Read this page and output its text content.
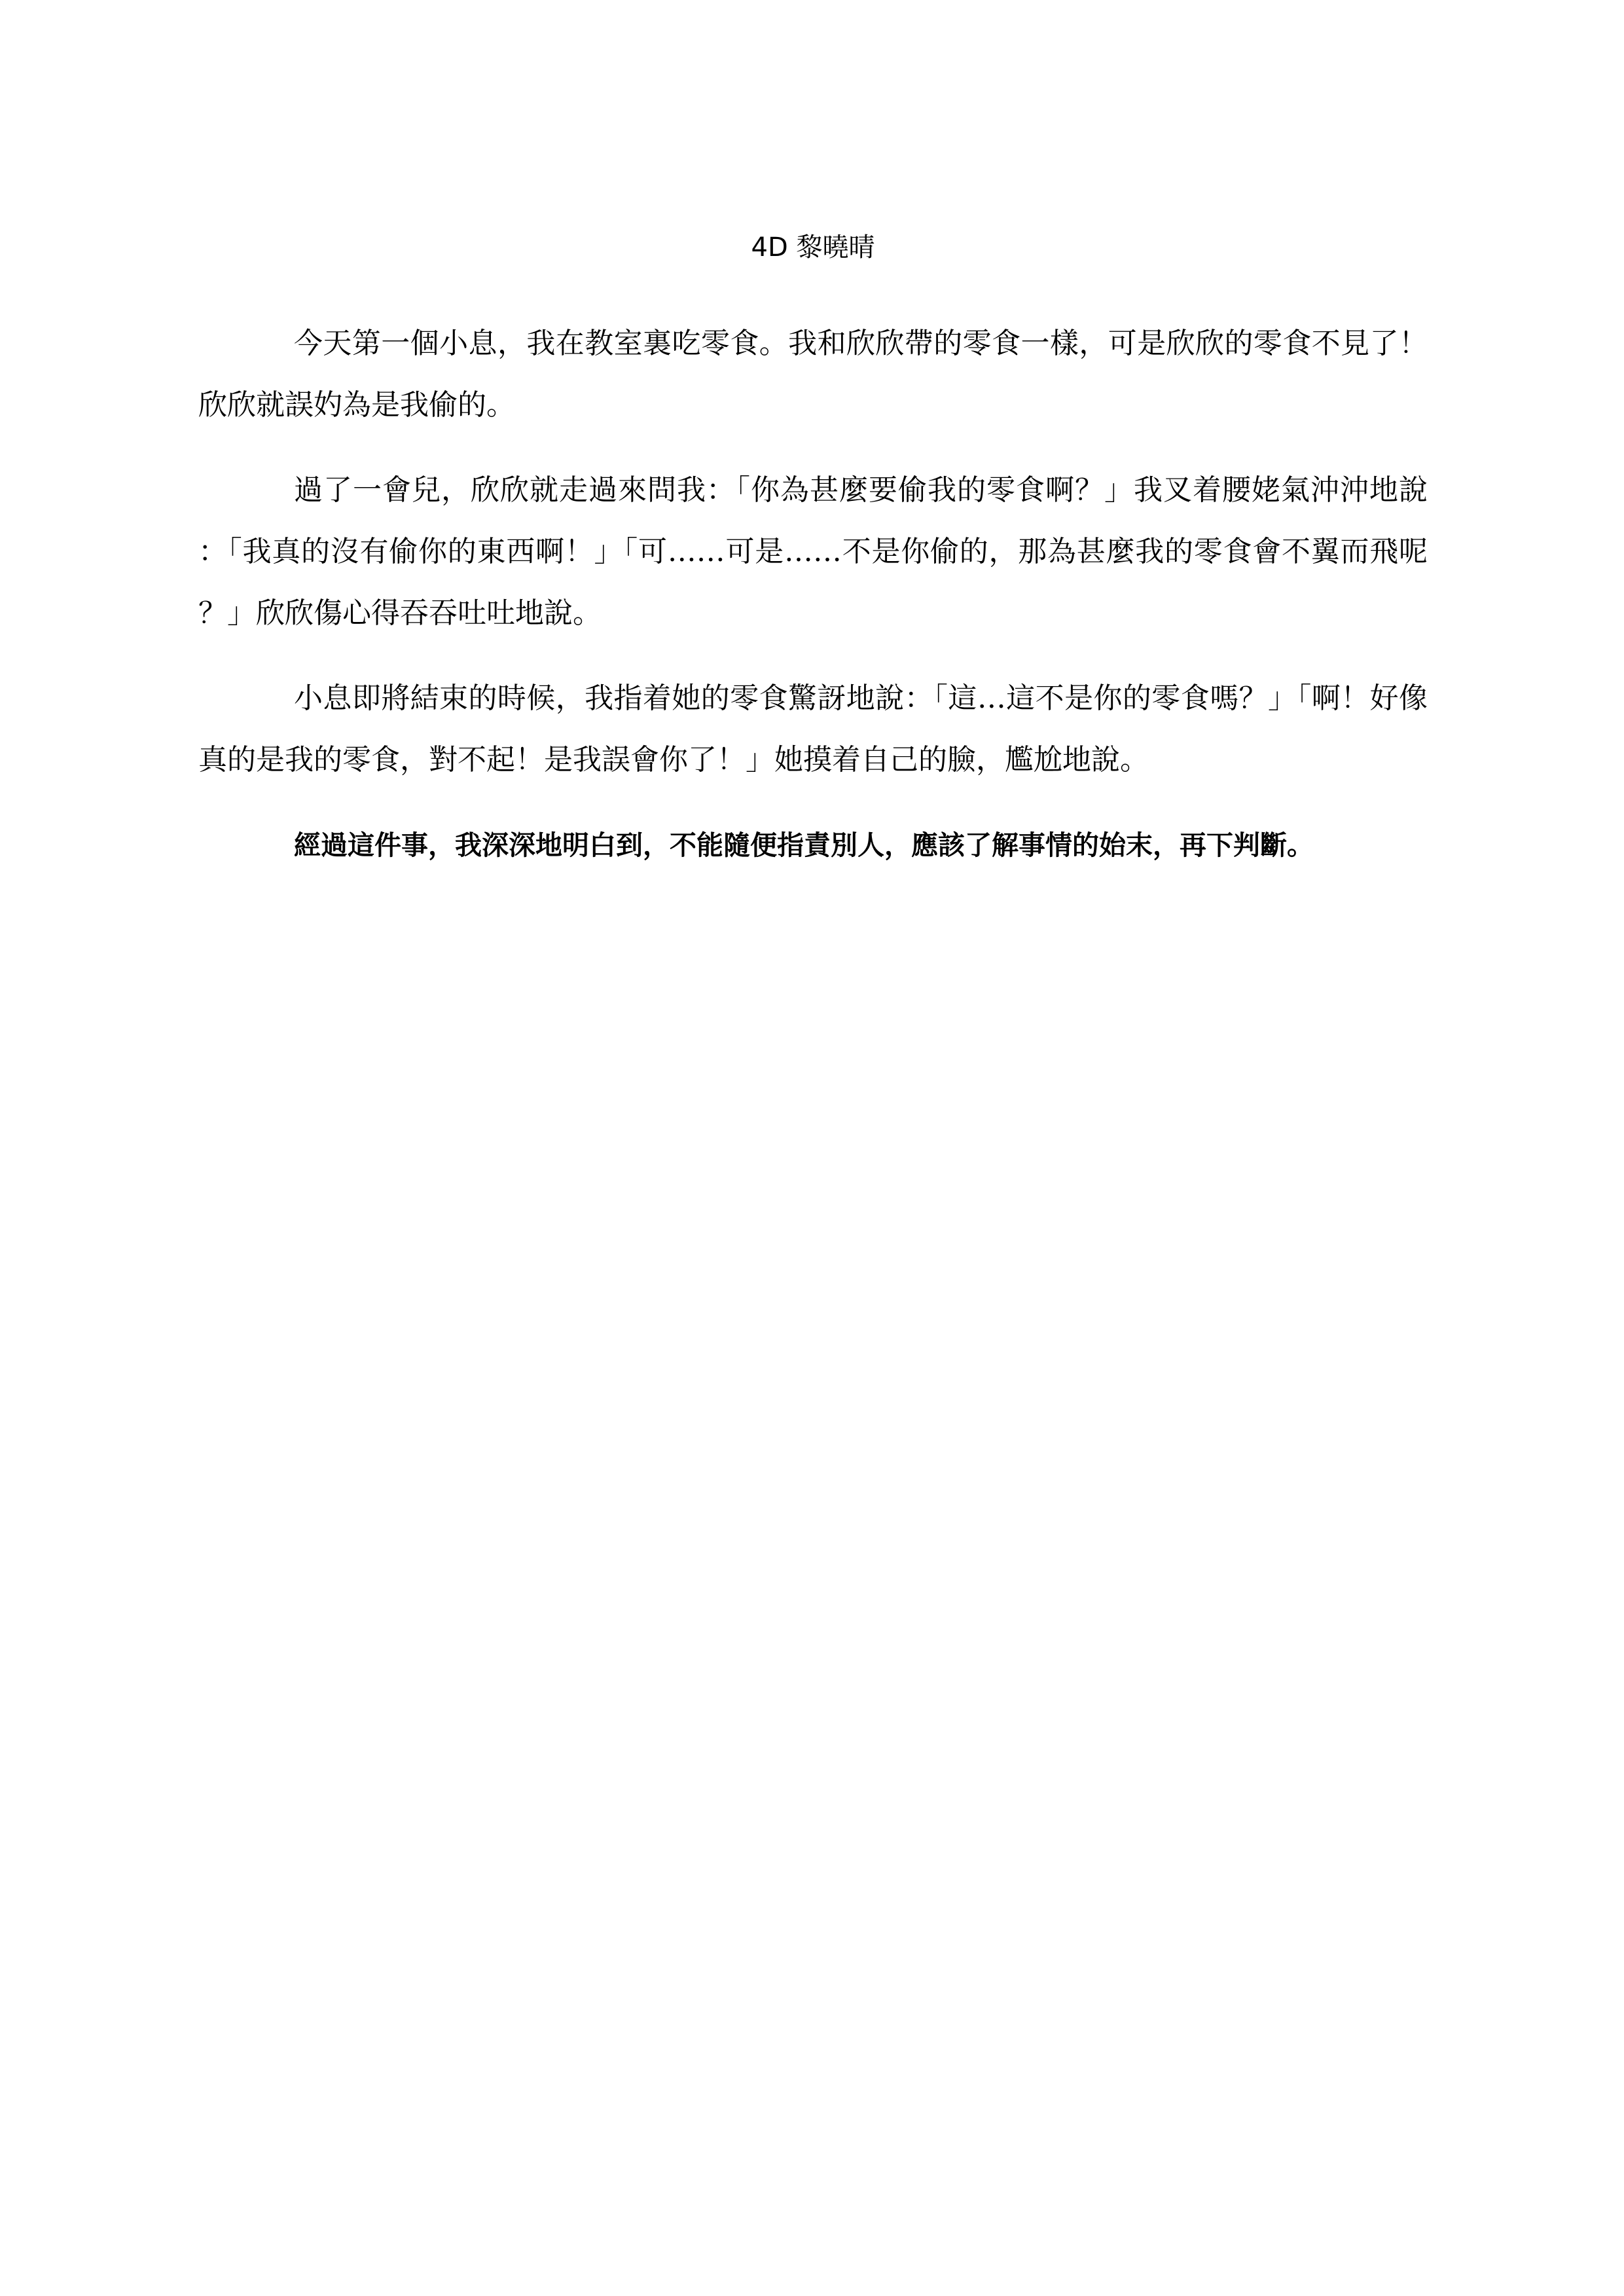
4D 黎曉晴

今天第一個小息，我在教室裏吃零食。我和欣欣帶的零食一樣，可是欣欣的零食不見了！欣欣就誤妁為是我偷的。

過了一會兒，欣欣就走過來問我：「你為甚麼要偷我的零食啊？」我叉着腰姥氣沖沖地說：「我真的沒有偷你的東西啊！」「可……可是……不是你偷的，那為甚麼我的零食會不翼而飛呢？」欣欣傷心得吞吞吐吐地說。

小息即將結束的時候，我指着她的零食驚訝地說：「這…這不是你的零食嗎？」「啊！好像真的是我的零食，對不起！是我誤會你了！」她摸着自己的臉，尷尬地說。

經過這件事，我深深地明白到，不能隨便指責別人，應該了解事情的始末，再下判斷。
